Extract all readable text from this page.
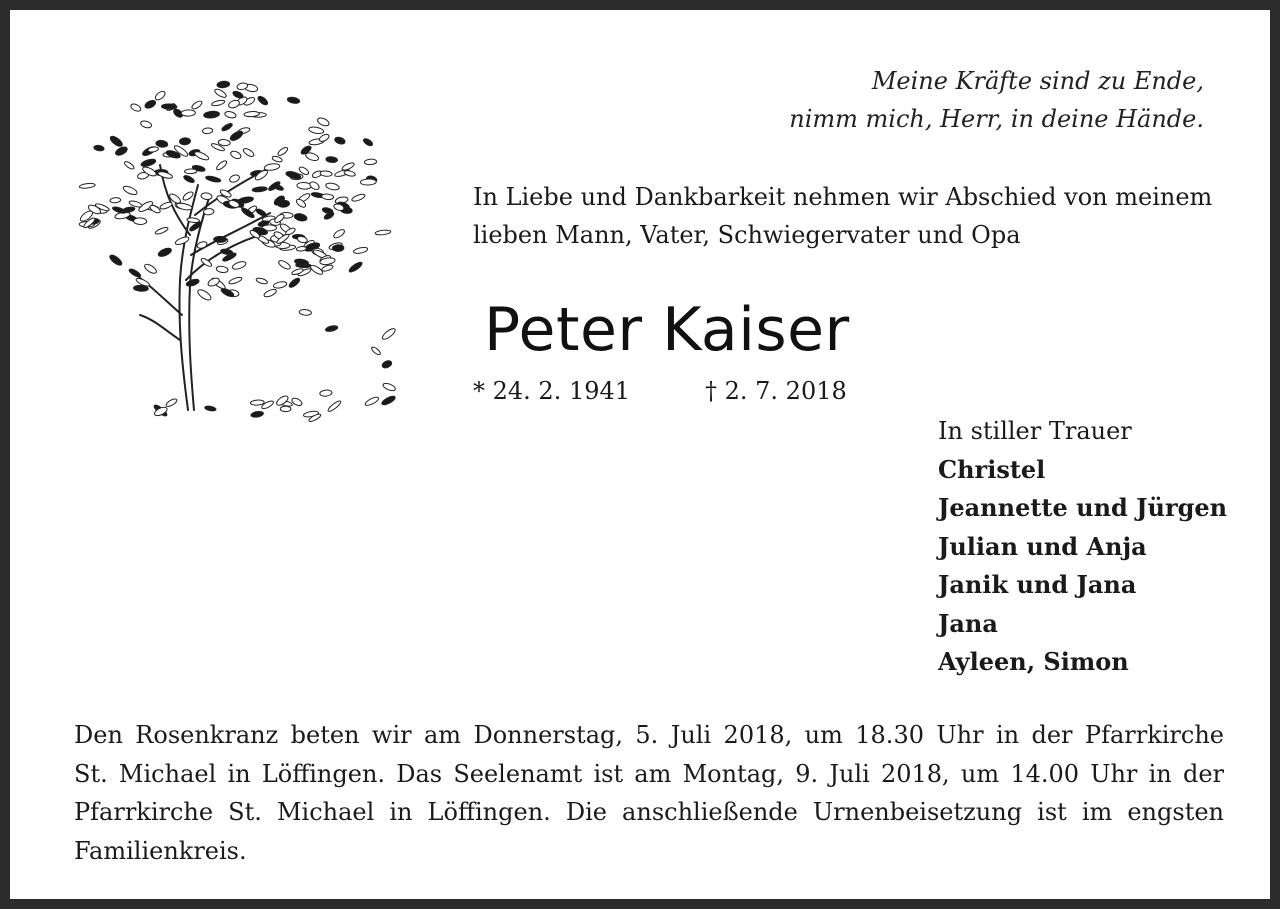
Meine Kräfte sind zu Ende,
nimm mich, Herr, in deine Hände.
In Liebe und Dankbarkeit nehmen wir Abschied von meinem
lieben Mann, Vater, Schwiegervater und Opa
Peter Kaiser
* 24. 2. 1941	† 2. 7. 2018
In stiller Trauer
Christel
Jeannette und Jürgen
Julian und Anja
Janik und Jana
Jana
Ayleen, Simon
Den Rosenkranz beten wir am Donnerstag, 5. Juli 2018, um 18.30 Uhr in der Pfarrkirche
St. Michael in Löffingen. Das Seelenamt ist am Montag, 9. Juli 2018, um 14.00 Uhr in der
Pfarrkirche St. Michael in Löffingen. Die anschließende Urnenbeisetzung ist im engsten
Familienkreis.
